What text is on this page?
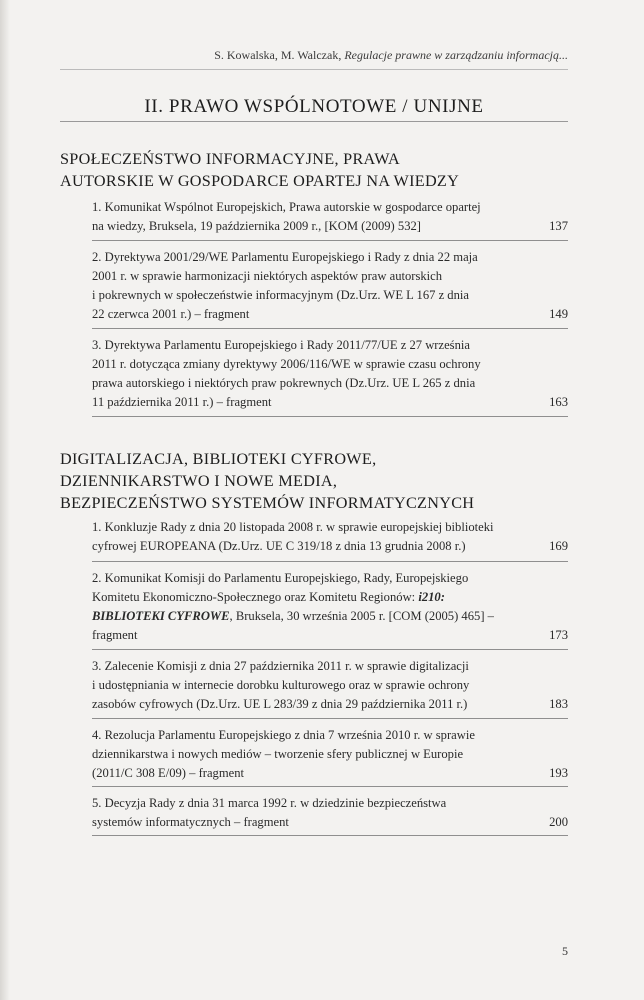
S. Kowalska, M. Walczak, Regulacje prawne w zarządzaniu informacją...
II. PRAWO WSPÓLNOTOWE / UNIJNE
SPOŁECZEŃSTWO INFORMACYJNE, PRAWA
AUTORSKIE W GOSPODARCE OPARTEJ NA WIEDZY
1. Komunikat Wspólnot Europejskich, Prawa autorskie w gospodarce opartej
na wiedzy, Bruksela, 19 października 2009 r., [KOM (2009) 532]	137
2. Dyrektywa 2001/29/WE Parlamentu Europejskiego i Rady z dnia 22 maja
2001 r. w sprawie harmonizacji niektórych aspektów praw autorskich
i pokrewnych w społeczeństwie informacyjnym (Dz.Urz. WE L 167 z dnia
22 czerwca 2001 r.) – fragment	149
3. Dyrektywa Parlamentu Europejskiego i Rady 2011/77/UE z 27 września
2011 r. dotycząca zmiany dyrektywy 2006/116/WE w sprawie czasu ochrony
prawa autorskiego i niektórych praw pokrewnych (Dz.Urz. UE L 265 z dnia
11 października 2011 r.) – fragment	163
DIGITALIZACJA, BIBLIOTEKI CYFROWE,
DZIENNIKARSTWO I NOWE MEDIA,
BEZPIECZEŃSTWO SYSTEMÓW INFORMATYCZNYCH
1. Konkluzje Rady z dnia 20 listopada 2008 r. w sprawie europejskiej biblioteki
cyfrowej EUROPEANA (Dz.Urz. UE C 319/18 z dnia 13 grudnia 2008 r.)	169
2. Komunikat Komisji do Parlamentu Europejskiego, Rady, Europejskiego
Komitetu Ekonomiczno-Społecznego oraz Komitetu Regionów: i210:
BIBLIOTEKI CYFROWE, Bruksela, 30 września 2005 r. [COM (2005) 465] –
fragment	173
3. Zalecenie Komisji z dnia 27 października 2011 r. w sprawie digitalizacji
i udostępniania w internecie dorobku kulturowego oraz w sprawie ochrony
zasobów cyfrowych (Dz.Urz. UE L 283/39 z dnia 29 października 2011 r.)	183
4. Rezolucja Parlamentu Europejskiego z dnia 7 września 2010 r. w sprawie
dziennikarstwa i nowych mediów – tworzenie sfery publicznej w Europie
(2011/C 308 E/09) – fragment	193
5. Decyzja Rady z dnia 31 marca 1992 r. w dziedzinie bezpieczeństwa
systemów informatycznych – fragment	200
5
